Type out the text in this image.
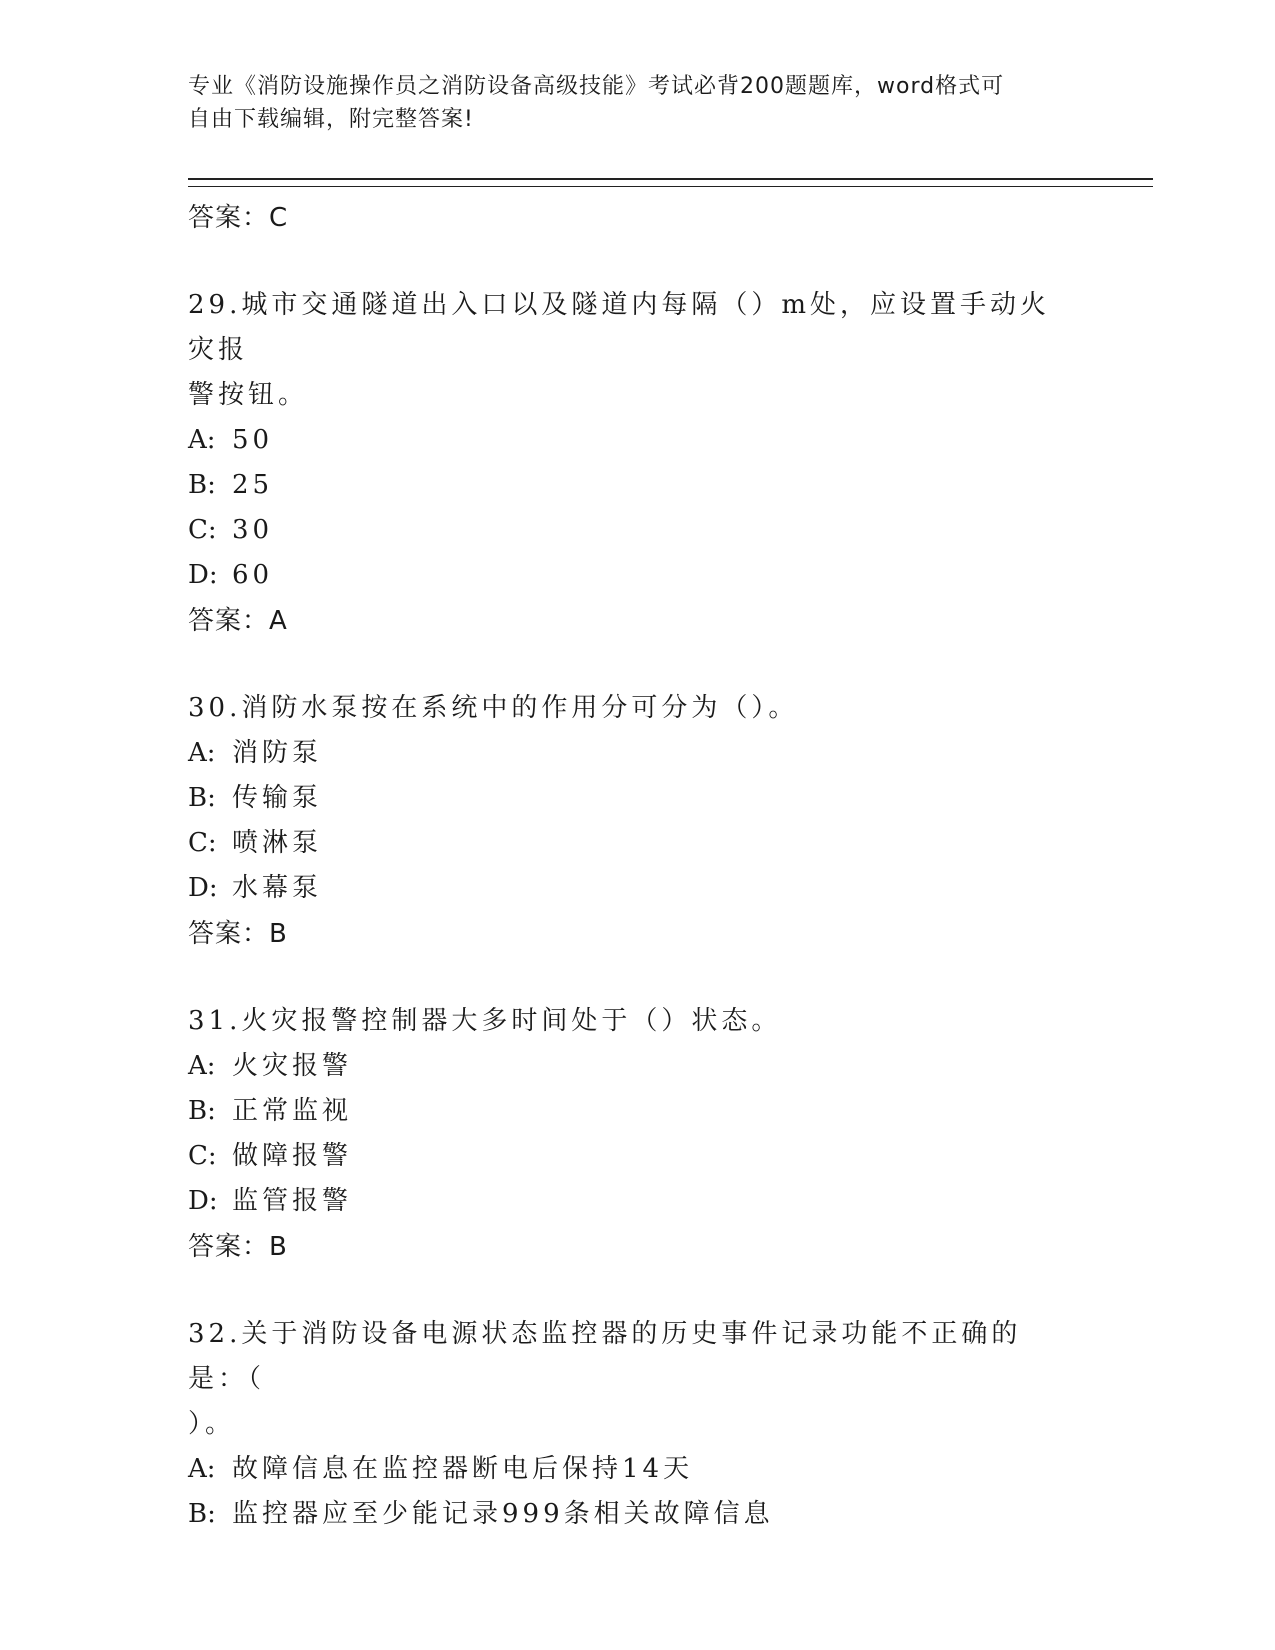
专业《消防设施操作员之消防设备高级技能》考试必背200题题库，word格式可
自由下载编辑，附完整答案!

答案：C

29.城市交通隧道出入口以及隧道内每隔（）m处，应设置手动火灾报
警按钮。

A: 50

B: 25

C: 30

D: 60

答案：A

30.消防水泵按在系统中的作用分可分为（）。

A: 消防泵

B: 传输泵

C: 喷淋泵

D: 水幕泵

答案：B

31.火灾报警控制器大多时间处于（）状态。

A: 火灾报警

B: 正常监视

C: 做障报警

D: 监管报警

答案：B

32.关于消防设备电源状态监控器的历史事件记录功能不正确的是：（
）。

A: 故障信息在监控器断电后保持14天

B: 监控器应至少能记录999条相关故障信息
